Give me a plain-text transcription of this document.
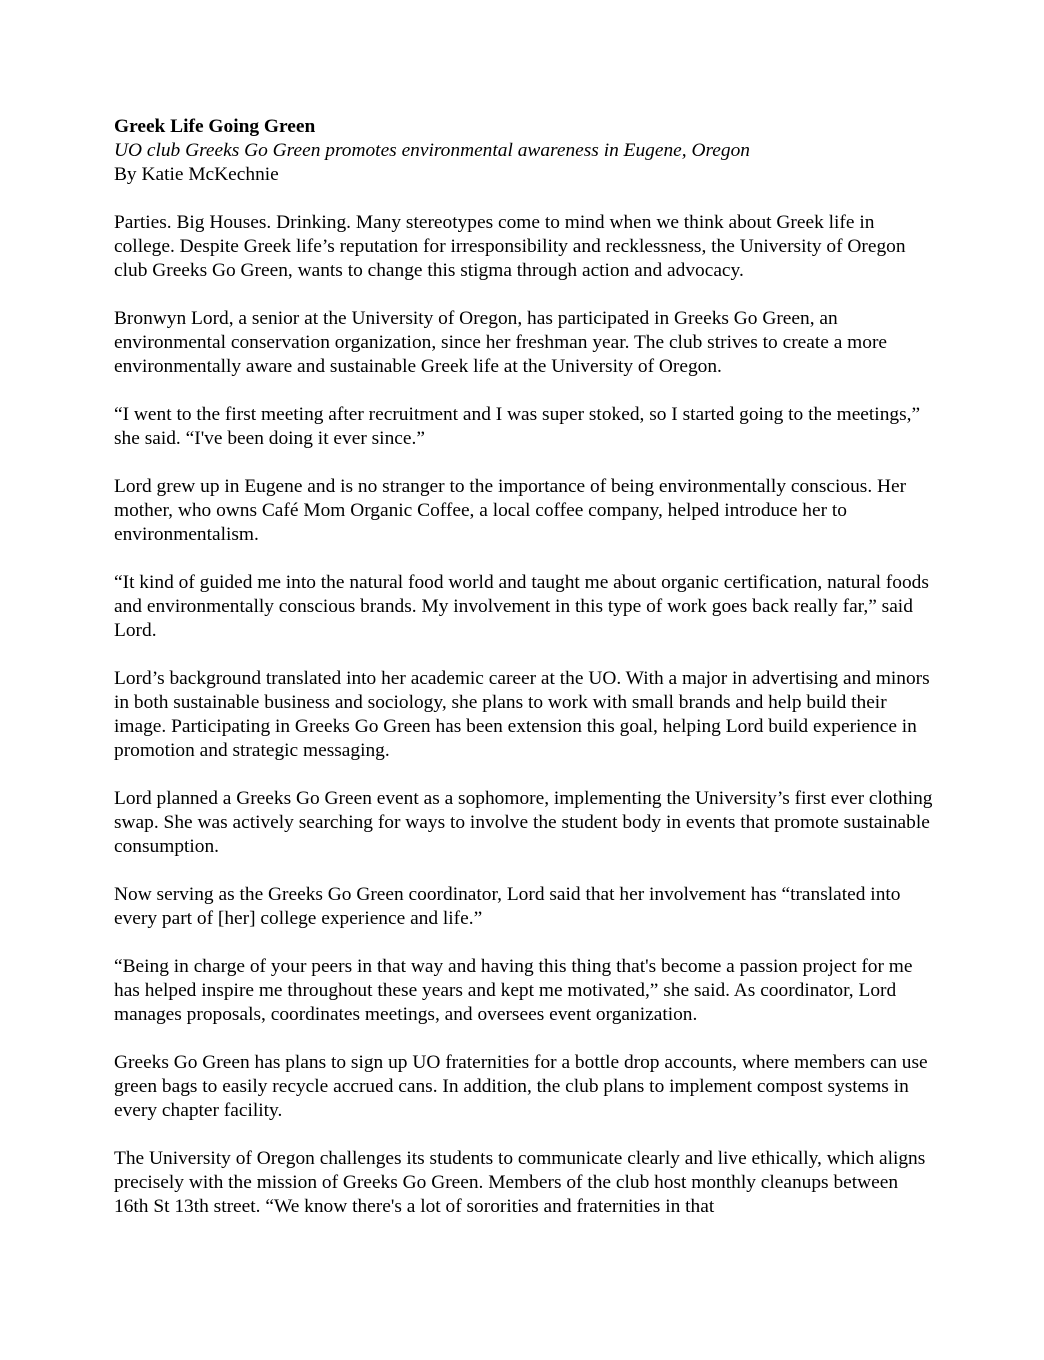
Greek Life Going Green
UO club Greeks Go Green promotes environmental awareness in Eugene, Oregon
By Katie McKechnie

Parties. Big Houses. Drinking. Many stereotypes come to mind when we think about Greek life in college. Despite Greek life’s reputation for irresponsibility and recklessness, the University of Oregon club Greeks Go Green, wants to change this stigma through action and advocacy.

Bronwyn Lord, a senior at the University of Oregon, has participated in Greeks Go Green, an environmental conservation organization, since her freshman year. The club strives to create a more environmentally aware and sustainable Greek life at the University of Oregon.

“I went to the first meeting after recruitment and I was super stoked, so I started going to the meetings,” she said. “I've been doing it ever since.”

Lord grew up in Eugene and is no stranger to the importance of being environmentally conscious. Her mother, who owns Café Mom Organic Coffee, a local coffee company, helped introduce her to environmentalism.

“It kind of guided me into the natural food world and taught me about organic certification, natural foods and environmentally conscious brands. My involvement in this type of work goes back really far,” said Lord.

Lord’s background translated into her academic career at the UO. With a major in advertising and minors in both sustainable business and sociology, she plans to work with small brands and help build their image. Participating in Greeks Go Green has been extension this goal, helping Lord build experience in promotion and strategic messaging.

Lord planned a Greeks Go Green event as a sophomore, implementing the University’s first ever clothing swap. She was actively searching for ways to involve the student body in events that promote sustainable consumption.

Now serving as the Greeks Go Green coordinator, Lord said that her involvement has “translated into every part of [her] college experience and life.”

“Being in charge of your peers in that way and having this thing that's become a passion project for me has helped inspire me throughout these years and kept me motivated,” she said. As coordinator, Lord manages proposals, coordinates meetings, and oversees event organization.

Greeks Go Green has plans to sign up UO fraternities for a bottle drop accounts, where members can use green bags to easily recycle accrued cans. In addition, the club plans to implement compost systems in every chapter facility.

The University of Oregon challenges its students to communicate clearly and live ethically, which aligns precisely with the mission of Greeks Go Green. Members of the club host monthly cleanups between 16th St 13th street. “We know there's a lot of sororities and fraternities in that
